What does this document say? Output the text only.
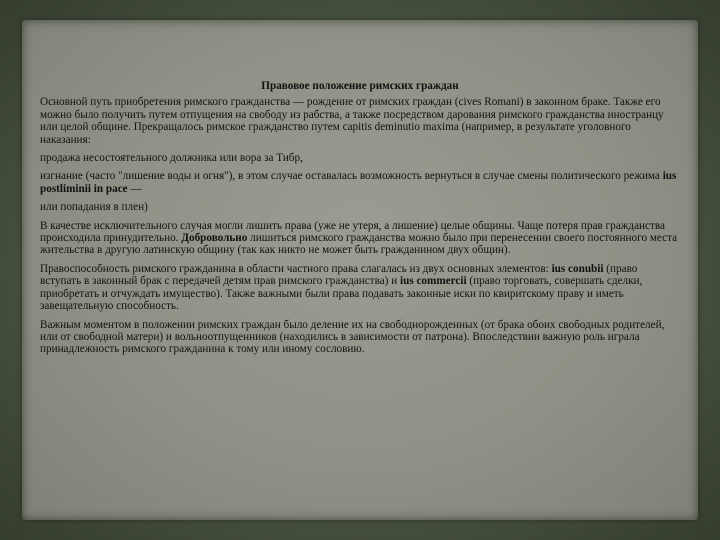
Правовое положение римских граждан
Основной путь приобретения римского гражданства — рождение от римских граждан (cives Romani) в законном браке. Также его можно было получить путем отпущения на свободу из рабства, а также посредством дарования римского гражданства иностранцу или целой общине. Прекращалось римское гражданство путем capitis deminutio maxima (например, в результате уголовного наказания:
продажа несостоятельного должника или вора за Тибр,
изгнание (часто "лишение воды и огня"), в этом случае оставалась возможность вернуться в случае смены политического режима ius postliminii in pace —
или попадания в плен)
В качестве исключительного случая могли лишить права (уже не утеря, а лишение) целые общины. Чаще потеря прав гражданства происходила принудительно. Добровольно лишиться римского гражданства можно было при перенесении своего постоянного места жительства в другую латинскую общину (так как никто не может быть гражданином двух общин).
Правоспособность римского гражданина в области частного права слагалась из двух основных элементов: ius conubii (право вступать в законный брак с передачей детям прав римского гражданства) и ius commercii (право торговать, совершать сделки, приобретать и отчуждать имущество). Также важными были права подавать законные иски по квиритскому праву и иметь завещательную способность.
Важным моментом в положении римских граждан было деление их на свободнорожденных (от брака обоих свободных родителей, или от свободной матери) и вольноотпущенников (находились в зависимости от патрона). Впоследствии важную роль играла принадлежность римского гражданина к тому или иному сословию.
